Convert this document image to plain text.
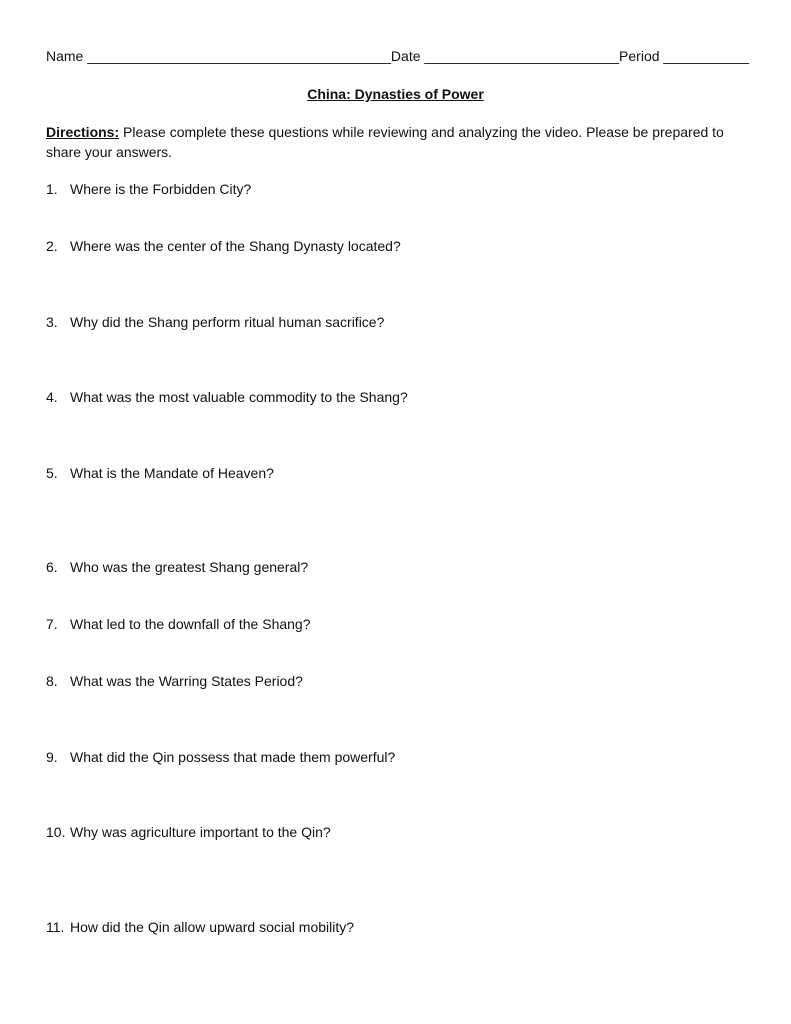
Name _______________________________________Date _________________________Period ___________
China: Dynasties of Power
Directions: Please complete these questions while reviewing and analyzing the video. Please be prepared to share your answers.
1. Where is the Forbidden City?
2. Where was the center of the Shang Dynasty located?
3. Why did the Shang perform ritual human sacrifice?
4. What was the most valuable commodity to the Shang?
5. What is the Mandate of Heaven?
6. Who was the greatest Shang general?
7. What led to the downfall of the Shang?
8. What was the Warring States Period?
9. What did the Qin possess that made them powerful?
10. Why was agriculture important to the Qin?
11. How did the Qin allow upward social mobility?
